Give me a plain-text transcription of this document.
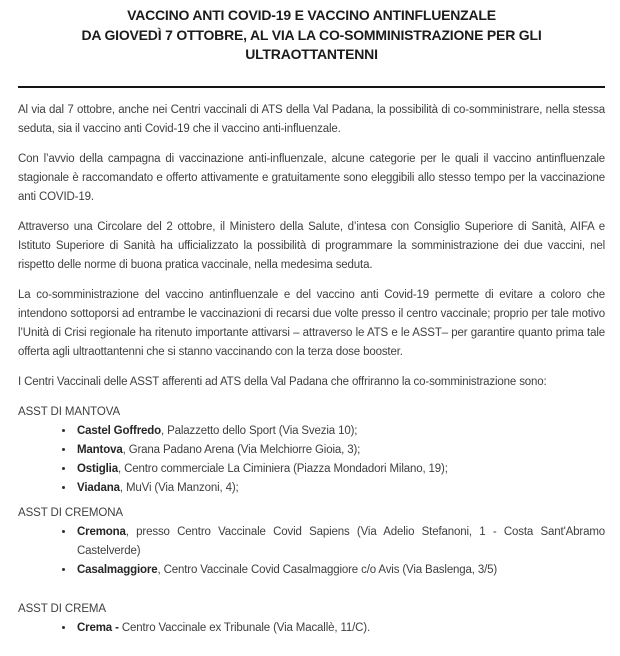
VACCINO ANTI COVID-19 E VACCINO ANTINFLUENZALE
DA GIOVEDÌ 7 OTTOBRE, AL VIA LA CO-SOMMINISTRAZIONE PER GLI
ULTRAOTTANTENNI

Al via dal 7 ottobre, anche nei Centri vaccinali di ATS della Val Padana, la possibilità di co-somministrare, nella stessa seduta, sia il vaccino anti Covid-19 che il vaccino anti-influenzale.

Con l’avvio della campagna di vaccinazione anti-influenzale, alcune categorie per le quali il vaccino antinfluenzale stagionale è raccomandato e offerto attivamente e gratuitamente sono eleggibili allo stesso tempo per la vaccinazione anti COVID-19.

Attraverso una Circolare del 2 ottobre, il Ministero della Salute, d’intesa con Consiglio Superiore di Sanità, AIFA e Istituto Superiore di Sanità ha ufficializzato la possibilità di programmare la somministrazione dei due vaccini, nel rispetto delle norme di buona pratica vaccinale, nella medesima seduta.

La co-somministrazione del vaccino antinfluenzale e del vaccino anti Covid-19 permette di evitare a coloro che intendono sottoporsi ad entrambe le vaccinazioni di recarsi due volte presso il centro vaccinale; proprio per tale motivo l’Unità di Crisi regionale ha ritenuto importante attivarsi – attraverso le ATS e le ASST– per garantire quanto prima tale offerta agli ultraottantenni che si stanno vaccinando con la terza dose booster.

I Centri Vaccinali delle ASST afferenti ad ATS della Val Padana che offriranno la co-somministrazione sono:

ASST DI MANTOVA
• Castel Goffredo, Palazzetto dello Sport (Via Svezia 10);
• Mantova, Grana Padano Arena (Via Melchiorre Gioia, 3);
• Ostiglia, Centro commerciale La Ciminiera (Piazza Mondadori Milano, 19);
• Viadana, MuVi (Via Manzoni, 4);
ASST DI CREMONA
• Cremona, presso Centro Vaccinale Covid Sapiens (Via Adelio Stefanoni, 1 - Costa Sant'Abramo Castelverde)
• Casalmaggiore, Centro Vaccinale Covid Casalmaggiore c/o Avis (Via Baslenga, 3/5)
ASST DI CREMA
• Crema - Centro Vaccinale ex Tribunale (Via Macallè, 11/C).
